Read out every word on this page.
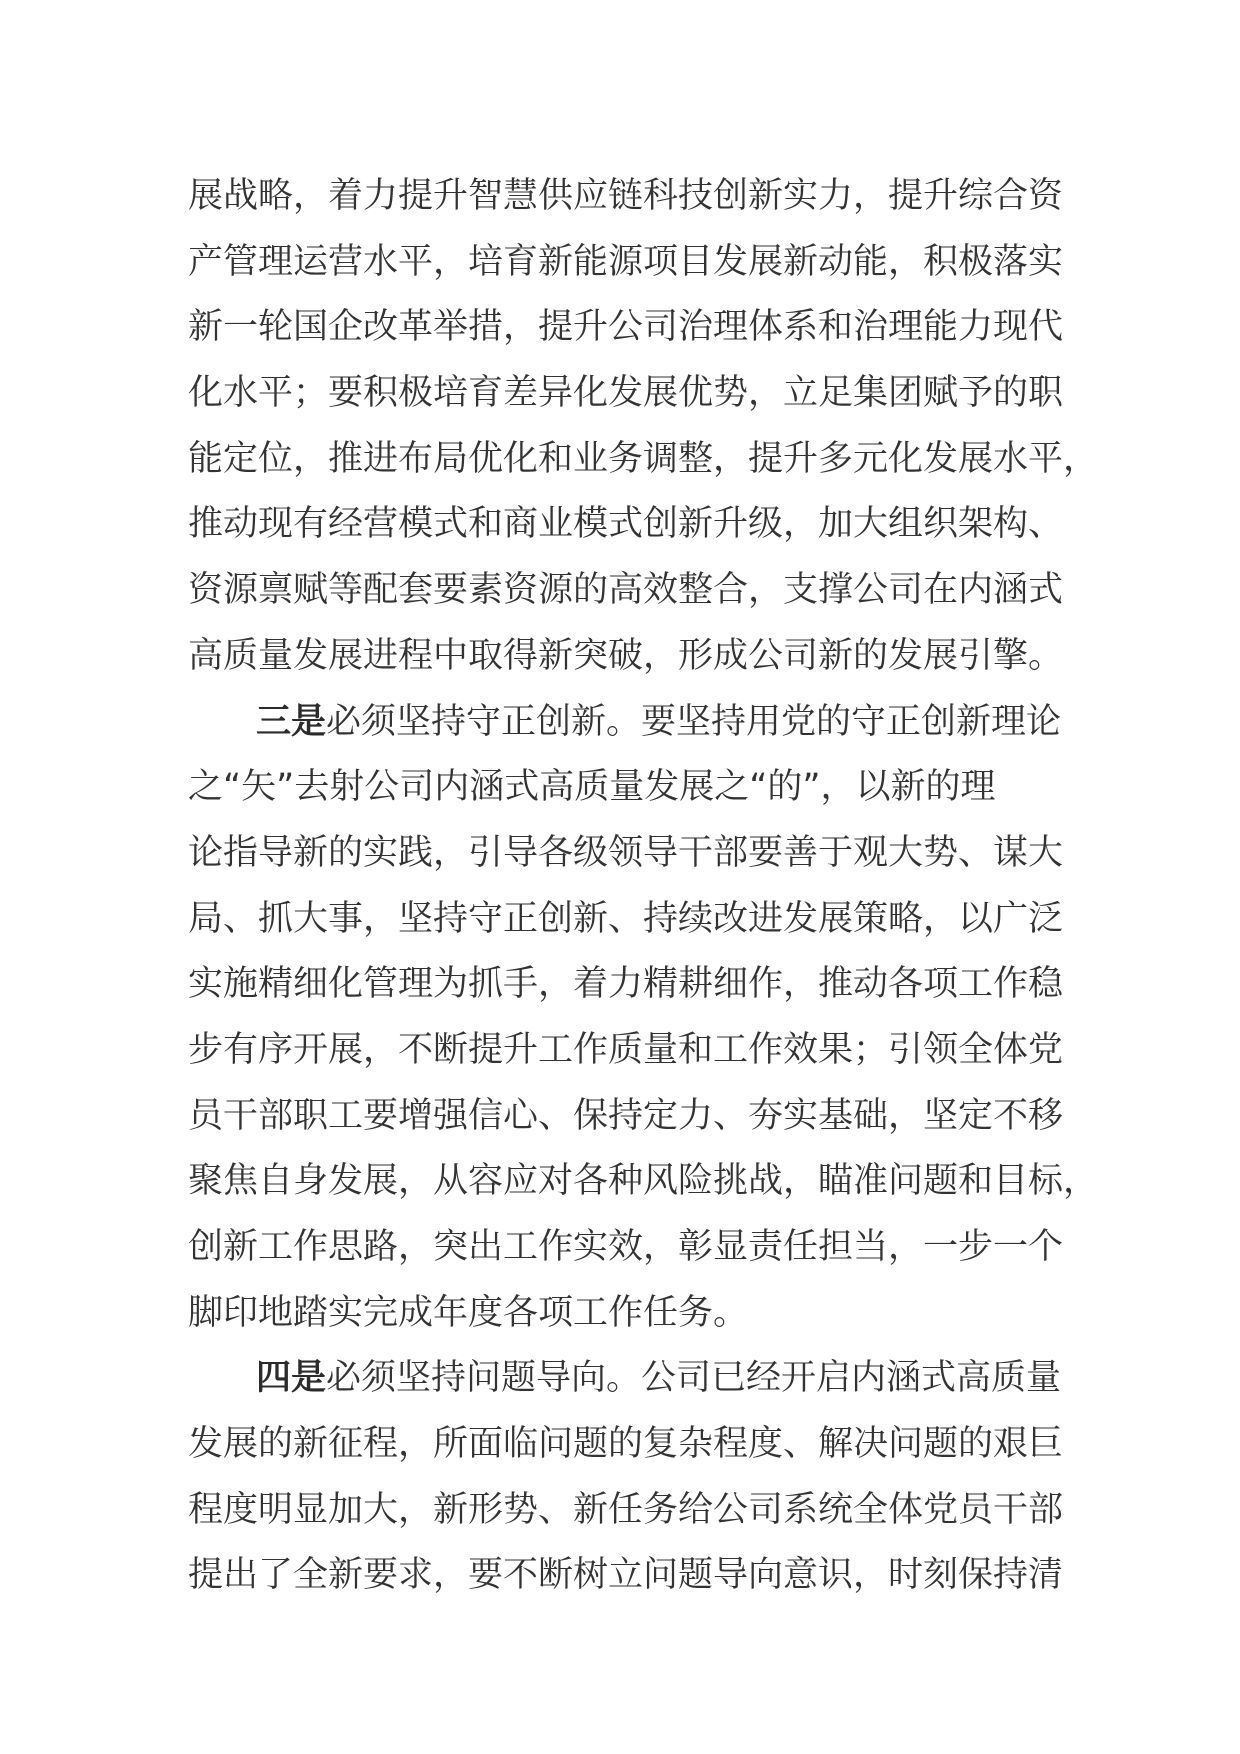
展战略，着力提升智慧供应链科技创新实力，提升综合资
产管理运营水平，培育新能源项目发展新动能，积极落实
新一轮国企改革举措，提升公司治理体系和治理能力现代
化水平；要积极培育差异化发展优势，立足集团赋予的职
能定位，推进布局优化和业务调整，提升多元化发展水平，
推动现有经营模式和商业模式创新升级，加大组织架构、
资源禀赋等配套要素资源的高效整合，支撑公司在内涵式
高质量发展进程中取得新突破，形成公司新的发展引擎。
三是必须坚持守正创新。要坚持用党的守正创新理论
之“矢”去射公司内涵式高质量发展之“的”，以新的理
论指导新的实践，引导各级领导干部要善于观大势、谋大
局、抓大事，坚持守正创新、持续改进发展策略，以广泛
实施精细化管理为抓手，着力精耕细作，推动各项工作稳
步有序开展，不断提升工作质量和工作效果；引领全体党
员干部职工要增强信心、保持定力、夯实基础，坚定不移
聚焦自身发展，从容应对各种风险挑战，瞄准问题和目标，
创新工作思路，突出工作实效，彰显责任担当，一步一个
脚印地踏实完成年度各项工作任务。
四是必须坚持问题导向。公司已经开启内涵式高质量
发展的新征程，所面临问题的复杂程度、解决问题的艰巨
程度明显加大，新形势、新任务给公司系统全体党员干部
提出了全新要求，要不断树立问题导向意识，时刻保持清
